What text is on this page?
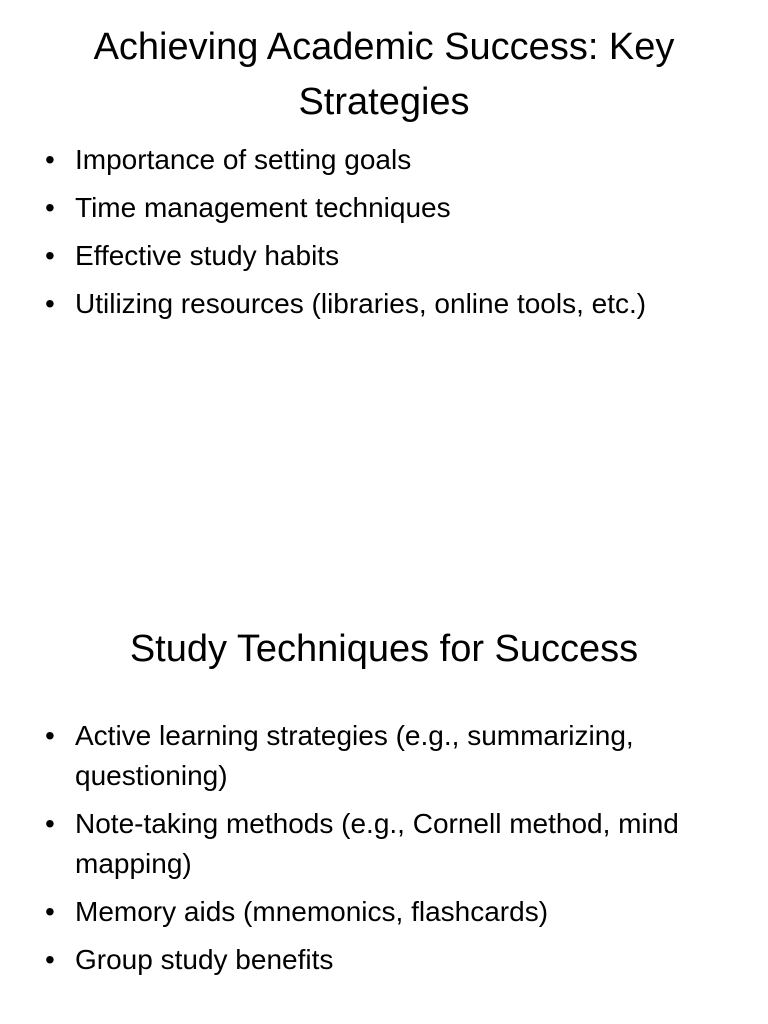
Achieving Academic Success: Key Strategies
• Importance of setting goals
• Time management techniques
• Effective study habits
• Utilizing resources (libraries, online tools, etc.)
Study Techniques for Success
• Active learning strategies (e.g., summarizing, questioning)
• Note-taking methods (e.g., Cornell method, mind mapping)
• Memory aids (mnemonics, flashcards)
• Group study benefits
